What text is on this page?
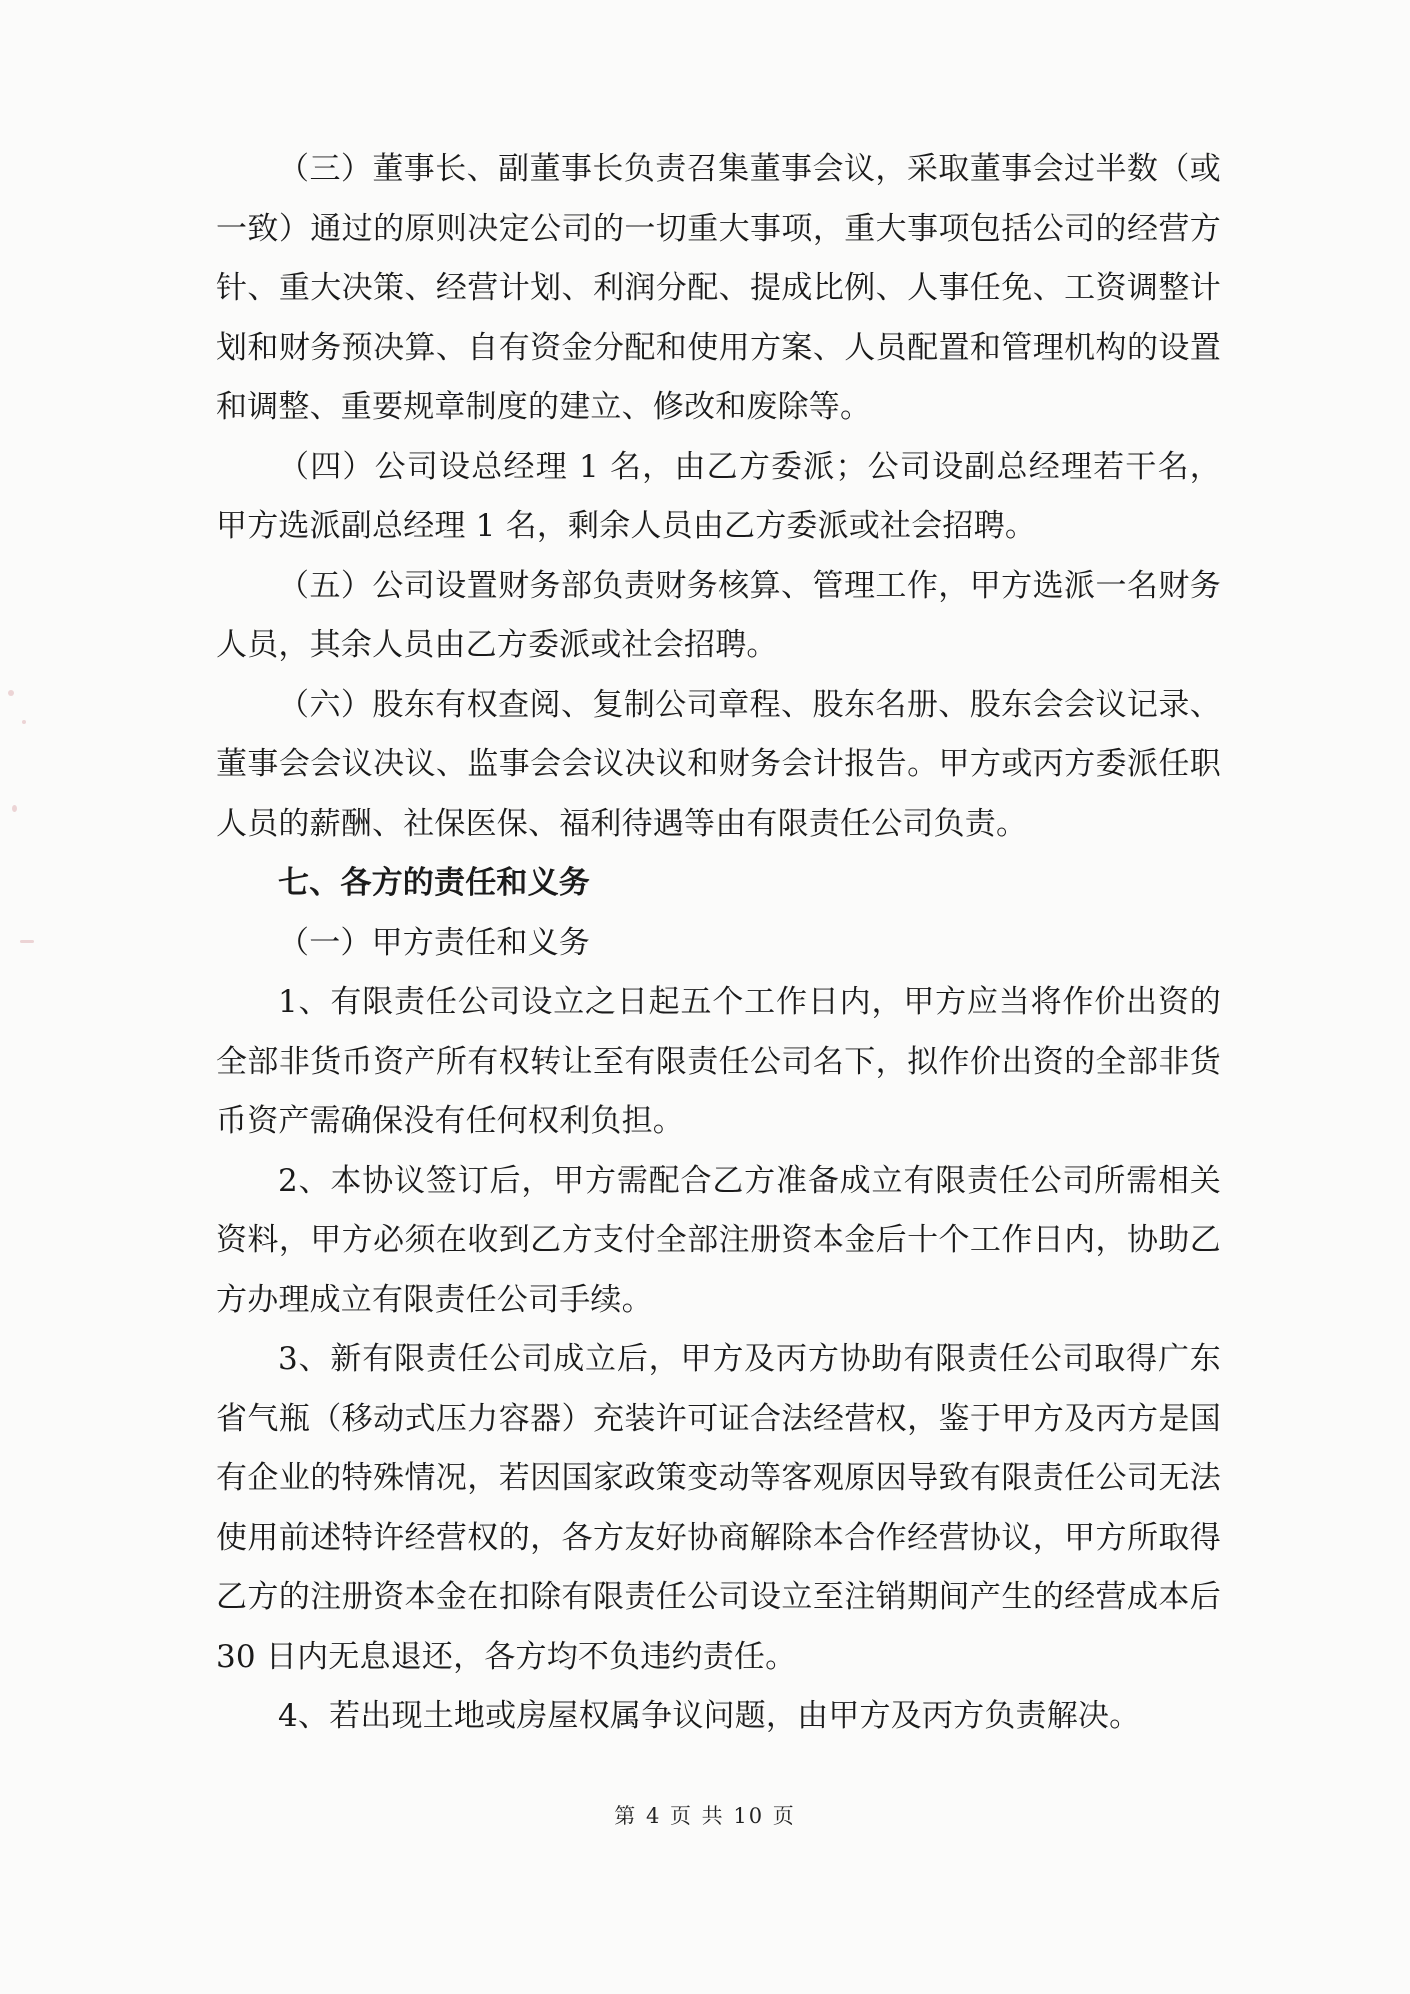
（三）董事长、副董事长负责召集董事会议，采取董事会过半数（或一致）通过的原则决定公司的一切重大事项，重大事项包括公司的经营方针、重大决策、经营计划、利润分配、提成比例、人事任免、工资调整计划和财务预决算、自有资金分配和使用方案、人员配置和管理机构的设置和调整、重要规章制度的建立、修改和废除等。

（四）公司设总经理 1 名，由乙方委派；公司设副总经理若干名，甲方选派副总经理 1 名，剩余人员由乙方委派或社会招聘。

（五）公司设置财务部负责财务核算、管理工作，甲方选派一名财务人员，其余人员由乙方委派或社会招聘。

（六）股东有权查阅、复制公司章程、股东名册、股东会会议记录、董事会会议决议、监事会会议决议和财务会计报告。甲方或丙方委派任职人员的薪酬、社保医保、福利待遇等由有限责任公司负责。

七、各方的责任和义务

（一）甲方责任和义务

1、有限责任公司设立之日起五个工作日内，甲方应当将作价出资的全部非货币资产所有权转让至有限责任公司名下，拟作价出资的全部非货币资产需确保没有任何权利负担。

2、本协议签订后，甲方需配合乙方准备成立有限责任公司所需相关资料，甲方必须在收到乙方支付全部注册资本金后十个工作日内，协助乙方办理成立有限责任公司手续。

3、新有限责任公司成立后，甲方及丙方协助有限责任公司取得广东省气瓶（移动式压力容器）充装许可证合法经营权，鉴于甲方及丙方是国有企业的特殊情况，若因国家政策变动等客观原因导致有限责任公司无法使用前述特许经营权的，各方友好协商解除本合作经营协议，甲方所取得乙方的注册资本金在扣除有限责任公司设立至注销期间产生的经营成本后 30 日内无息退还，各方均不负违约责任。

4、若出现土地或房屋权属争议问题，由甲方及丙方负责解决。

第 4 页 共 10 页
